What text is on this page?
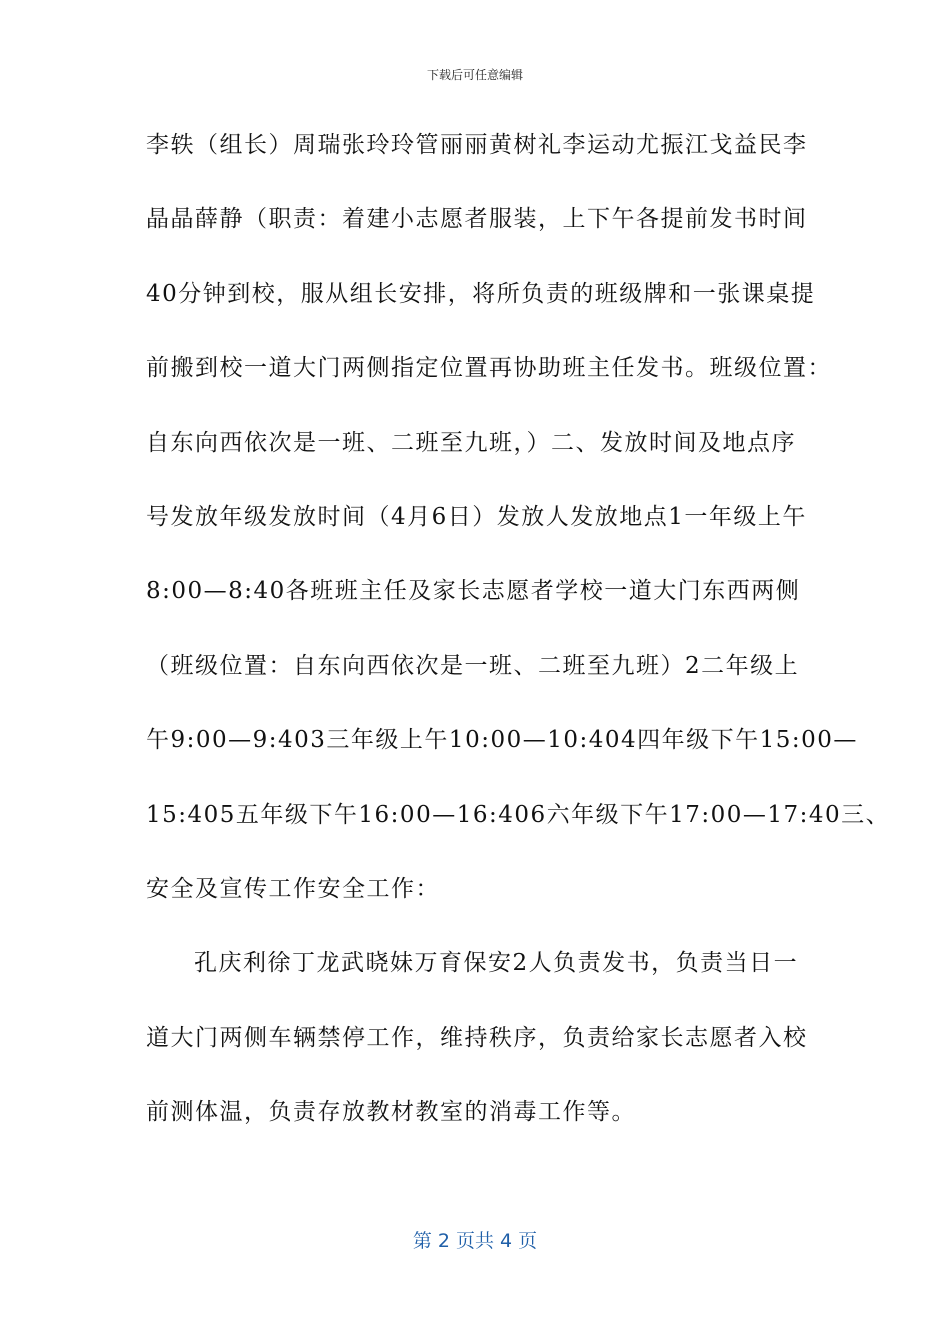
下载后可任意编辑
李轶（组长）周瑞张玲玲管丽丽黄树礼李运动尤振江戈益民李
晶晶薛静（职责：着建小志愿者服装，上下午各提前发书时间
40分钟到校，服从组长安排，将所负责的班级牌和一张课桌提
前搬到校一道大门两侧指定位置再协助班主任发书。班级位置：
自东向西依次是一班、二班至九班，）二、发放时间及地点序
号发放年级发放时间（4月6日）发放人发放地点1一年级上午
8:00—8:40各班班主任及家长志愿者学校一道大门东西两侧
（班级位置：自东向西依次是一班、二班至九班）2二年级上
午9:00—9:403三年级上午10:00—10:404四年级下午15:00—
15:405五年级下午16:00—16:406六年级下午17:00—17:40三、
安全及宣传工作安全工作：
孔庆利徐丁龙武晓妹万育保安2人负责发书，负责当日一
道大门两侧车辆禁停工作，维持秩序，负责给家长志愿者入校
前测体温，负责存放教材教室的消毒工作等。
第 2 页共 4 页
